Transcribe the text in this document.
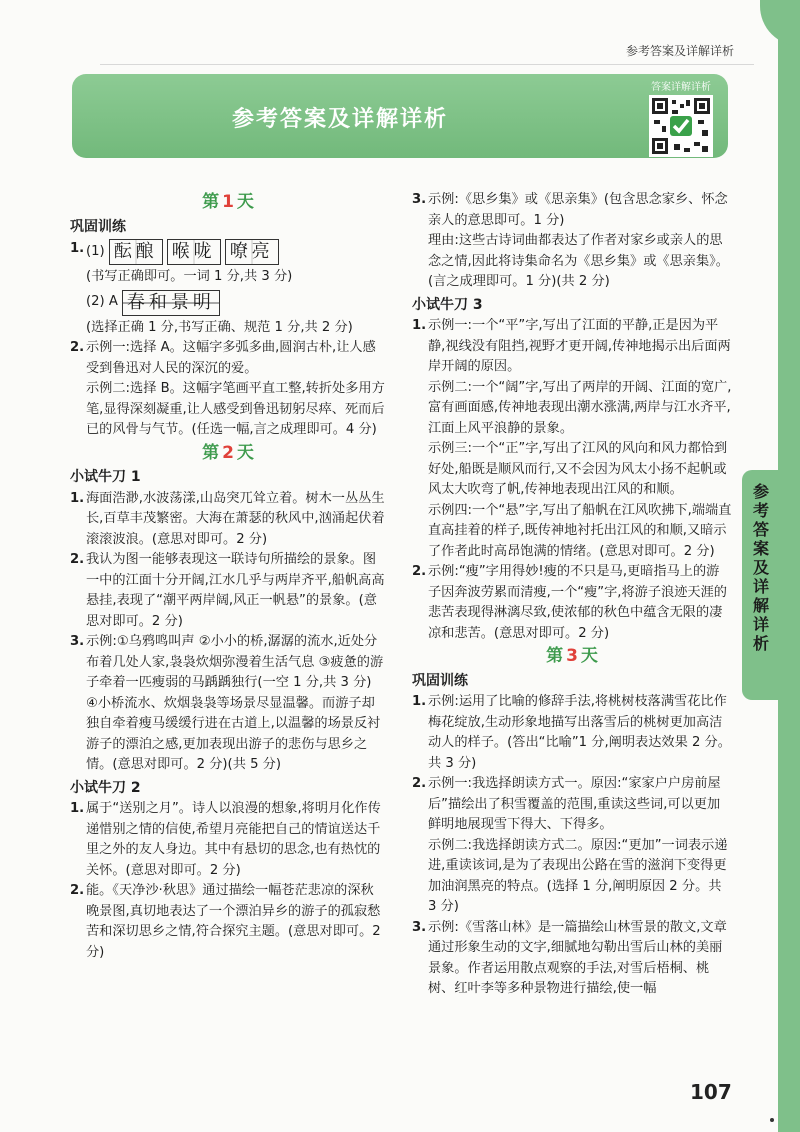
参考答案及详解详析
参考答案及详解详析
答案详解详析
第 1 天
巩固训练
1. (1) 酝酿 喉咙 嘹亮
(书写正确即可。一词 1 分,共 3 分)
(2) A 春和景明
(选择正确 1 分,书写正确、规范 1 分,共 2 分)
2. 示例一:选择 A。这幅字多弧多曲,圆润古朴,让人感受到鲁迅对人民的深沉的爱。
示例二:选择 B。这幅字笔画平直工整,转折处多用方笔,显得深刻凝重,让人感受到鲁迅韧躬尽瘁、死而后已的风骨与气节。(任选一幅,言之成理即可。4 分)
第 2 天
小试牛刀 1
1. 海面浩渺,水波荡漾,山岛突兀耸立着。树木一丛丛生长,百草丰茂繁密。大海在萧瑟的秋风中,汹涌起伏着滚滚波浪。(意思对即可。2 分)
2. 我认为图一能够表现这一联诗句所描绘的景象。图一中的江面十分开阔,江水几乎与两岸齐平,船帆高高悬挂,表现了“潮平两岸阔,风正一帆悬”的景象。(意思对即可。2 分)
3. 示例:①乌鸦鸣叫声 ②小小的桥,潺潺的流水,近处分布着几处人家,袅袅炊烟弥漫着生活气息 ③疲惫的游子牵着一匹瘦弱的马踽踽独行(一空 1 分,共 3 分)
④小桥流水、炊烟袅袅等场景尽显温馨。而游子却独自牵着瘦马缓缓行进在古道上,以温馨的场景反衬游子的漂泊之感,更加表现出游子的悲伤与思乡之情。(意思对即可。2 分)(共 5 分)
小试牛刀 2
1. 属于“送别之月”。诗人以浪漫的想象,将明月化作传递惜别之情的信使,希望月亮能把自己的情谊送达千里之外的友人身边。其中有悬切的思念,也有热忱的关怀。(意思对即可。2 分)
2. 能。《天净沙·秋思》通过描绘一幅苍茫悲凉的深秋晚景图,真切地表达了一个漂泊异乡的游子的孤寂愁苦和深切思乡之情,符合探究主题。(意思对即可。2 分)
3. 示例:《思乡集》或《思亲集》(包含思念家乡、怀念亲人的意思即可。1 分)
理由:这些古诗词曲都表达了作者对家乡或亲人的思念之情,因此将诗集命名为《思乡集》或《思亲集》。(言之成理即可。1 分)(共 2 分)
小试牛刀 3
1. 示例一:一个“平”字,写出了江面的平静,正是因为平静,视线没有阻挡,视野才更开阔,传神地揭示出后面两岸开阔的原因。
示例二:一个“阔”字,写出了两岸的开阔、江面的宽广,富有画面感,传神地表现出潮水涨满,两岸与江水齐平,江面上风平浪静的景象。
示例三:一个“正”字,写出了江风的风向和风力都恰到好处,船既是顺风而行,又不会因为风太小扬不起帆或风太大吹弯了帆,传神地表现出江风的和顺。
示例四:一个“悬”字,写出了船帆在江风吹拂下,端端直直高挂着的样子,既传神地衬托出江风的和顺,又暗示了作者此时高昂饱满的情绪。(意思对即可。2 分)
2. 示例:“瘦”字用得妙!瘦的不只是马,更暗指马上的游子因奔波劳累而清瘦,一个“瘦”字,将游子浪迹天涯的悲苦表现得淋漓尽致,使浓郁的秋色中蕴含无限的凄凉和悲苦。(意思对即可。2 分)
第 3 天
巩固训练
1. 示例:运用了比喻的修辞手法,将桃树枝落满雪花比作梅花绽放,生动形象地描写出落雪后的桃树更加高洁动人的样子。(答出“比喻”1 分,阐明表达效果 2 分。共 3 分)
2. 示例一:我选择朗读方式一。原因:“家家户户房前屋后”描绘出了积雪覆盖的范围,重读这些词,可以更加鲜明地展现雪下得大、下得多。
示例二:我选择朗读方式二。原因:“更加”一词表示递进,重读该词,是为了表现出公路在雪的滋润下变得更加油润黑亮的特点。(选择 1 分,阐明原因 2 分。共 3 分)
3. 示例:《雪落山林》是一篇描绘山林雪景的散文,文章通过形象生动的文字,细腻地勾勒出雪后山林的美丽景象。作者运用散点观察的手法,对雪后梧桐、桃树、红叶李等多种景物进行描绘,使一幅
参考答案及详解详析
107
